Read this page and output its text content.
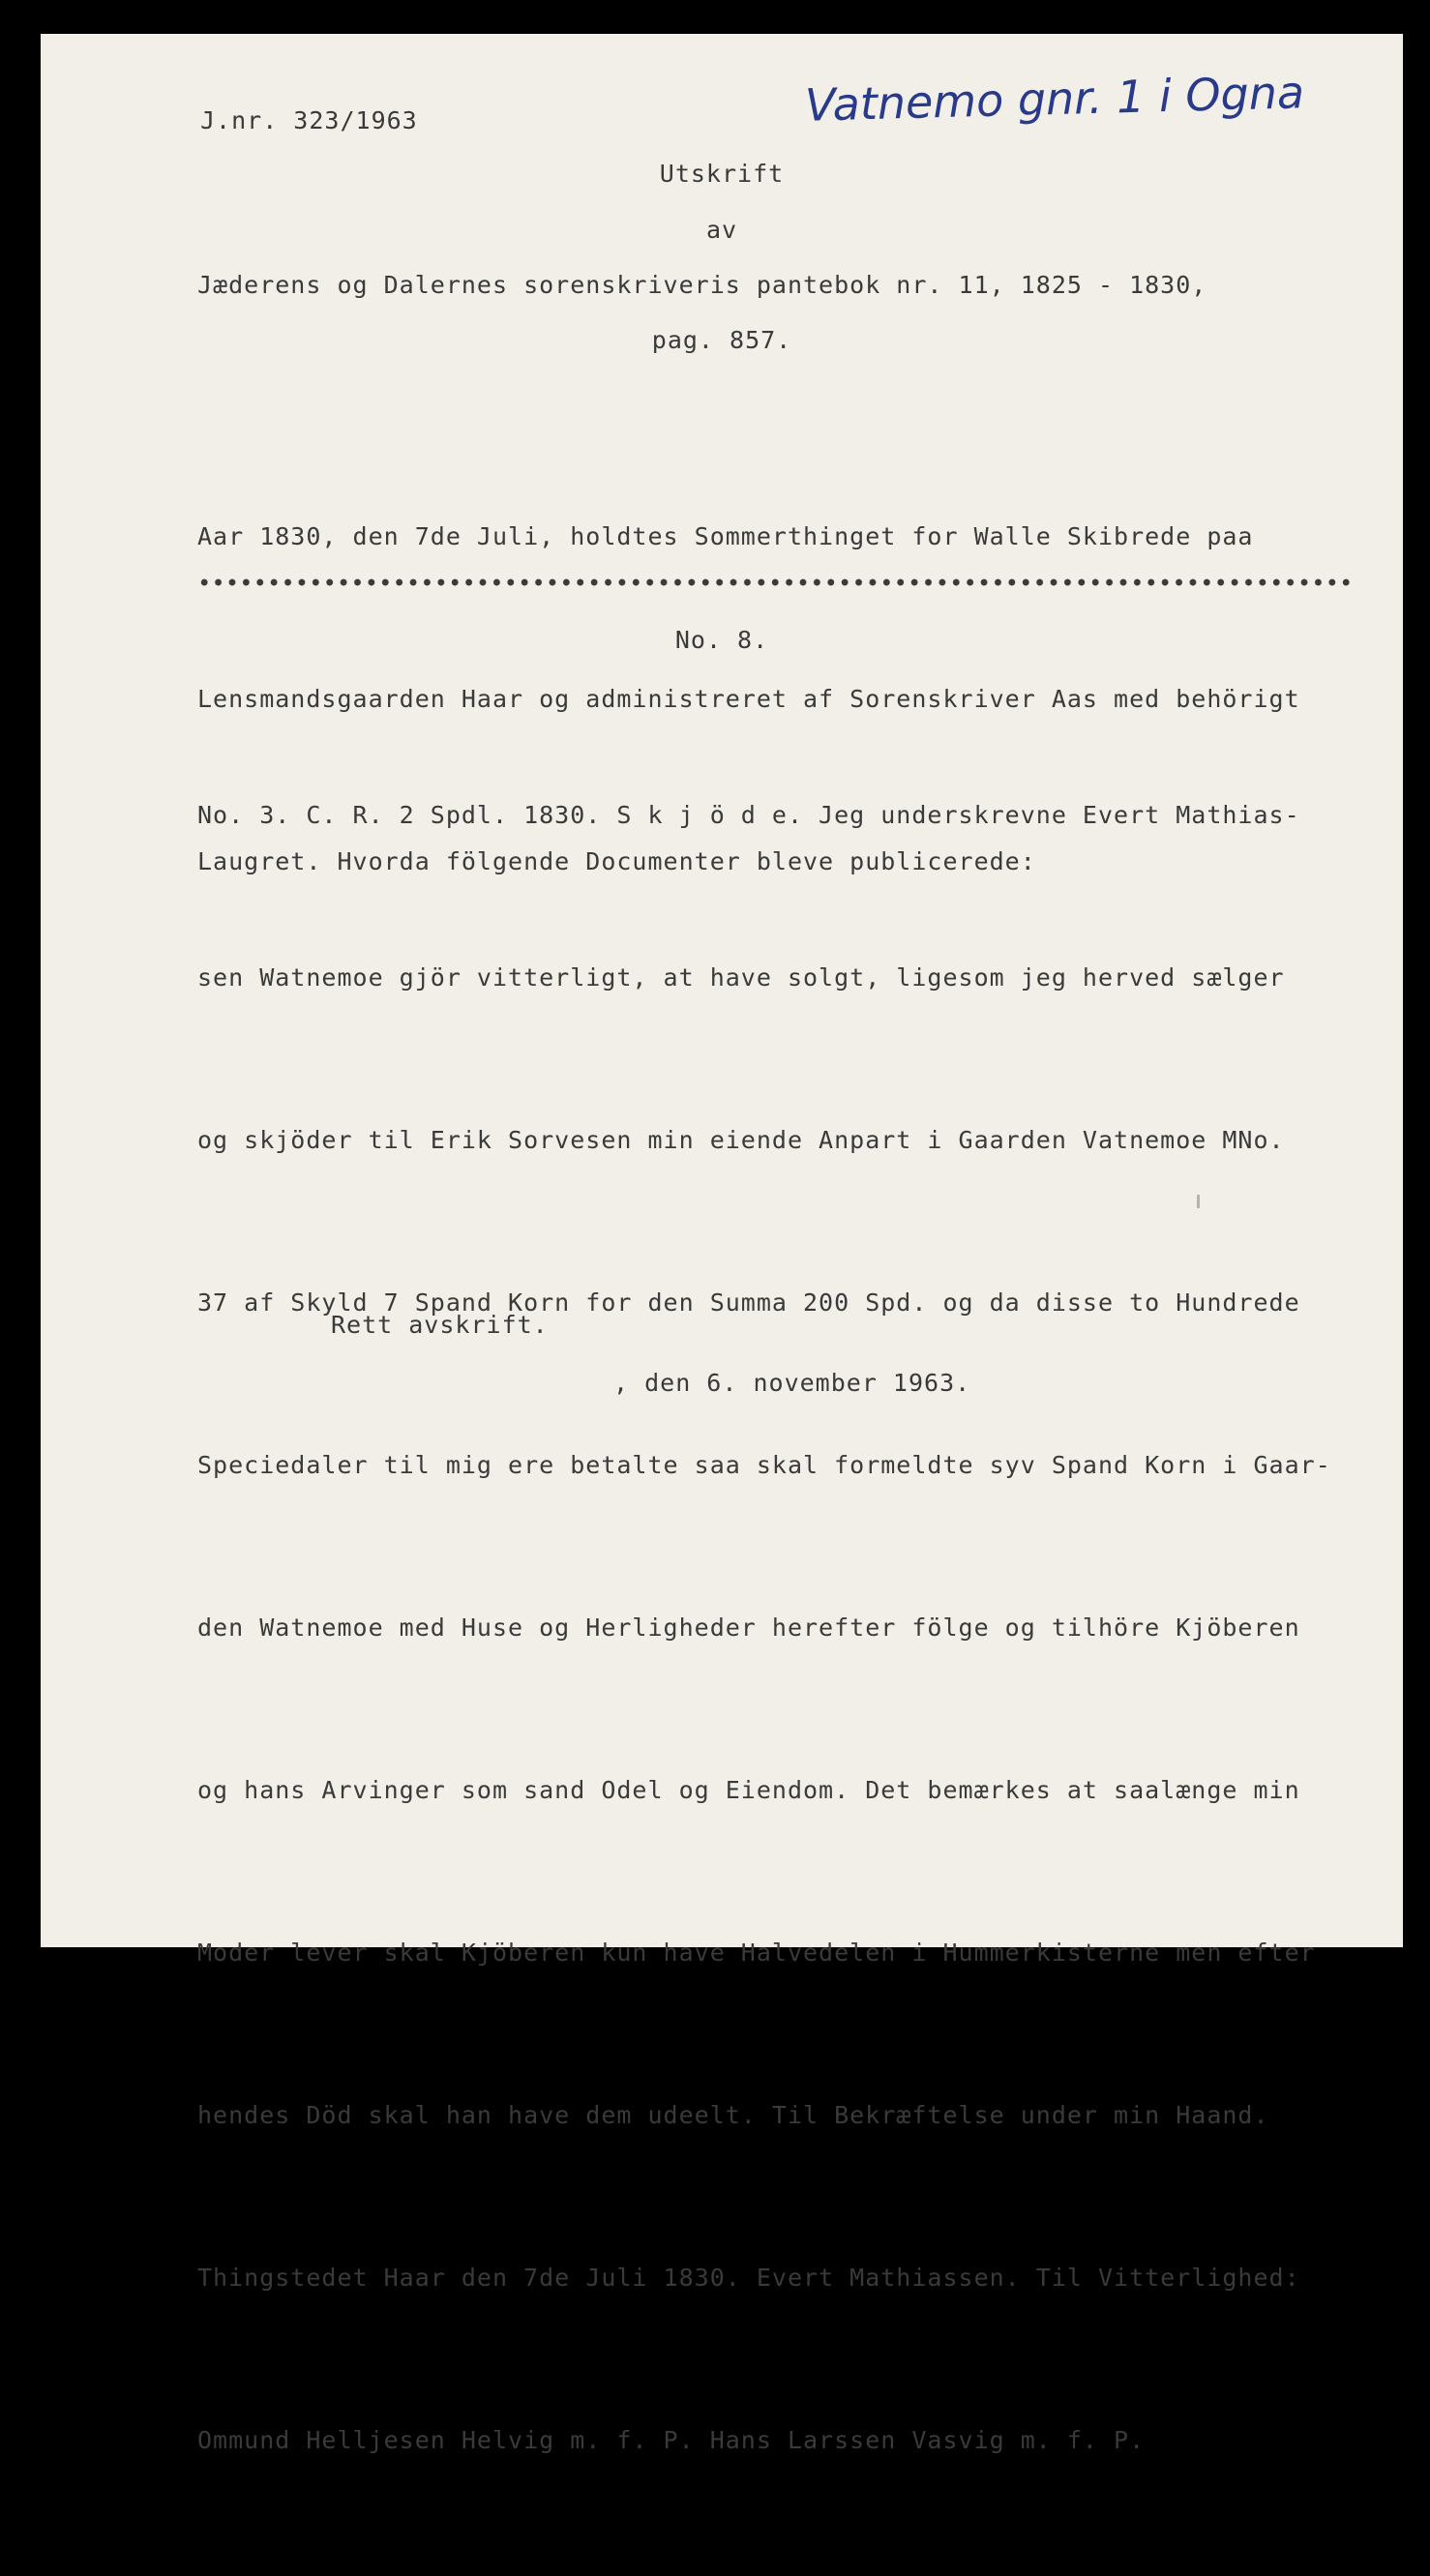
J.nr. 323/1963	Vatnemo gnr. 1 i Ogna
Utskrift
av
Jæderens og Dalernes sorenskriveris pantebok nr. 11, 1825 - 1830,
pag. 857.

Aar 1830, den 7de Juli, holdtes Sommerthinget for Walle Skibrede paa

Lensmandsgaarden Haar og administreret af Sorenskriver Aas med behörigt

Laugret. Hvorda fölgende Documenter bleve publicerede:

No. 8.

No. 3. C. R. 2 Spdl. 1830. S k j ö d e. Jeg underskrevne Evert Mathias-

sen Watnemoe gjör vitterligt, at have solgt, ligesom jeg herved sælger

og skjöder til Erik Sorvesen min eiende Anpart i Gaarden Vatnemoe MNo.

37 af Skyld 7 Spand Korn for den Summa 200 Spd. og da disse to Hundrede

Speciedaler til mig ere betalte saa skal formeldte syv Spand Korn i Gaar-

den Watnemoe med Huse og Herligheder herefter fölge og tilhöre Kjöberen

og hans Arvinger som sand Odel og Eiendom. Det bemærkes at saalænge min

Moder lever skal Kjöberen kun have Halvedelen i Hummerkisterne men efter

hendes Död skal han have dem udeelt. Til Bekræftelse under min Haand.

Thingstedet Haar den 7de Juli 1830. Evert Mathiassen. Til Vitterlighed:

Ommund Helljesen Helvig m. f. P. Hans Larssen Vasvig m. f. P.

Rett avskrift.
, den 6. november 1963.
